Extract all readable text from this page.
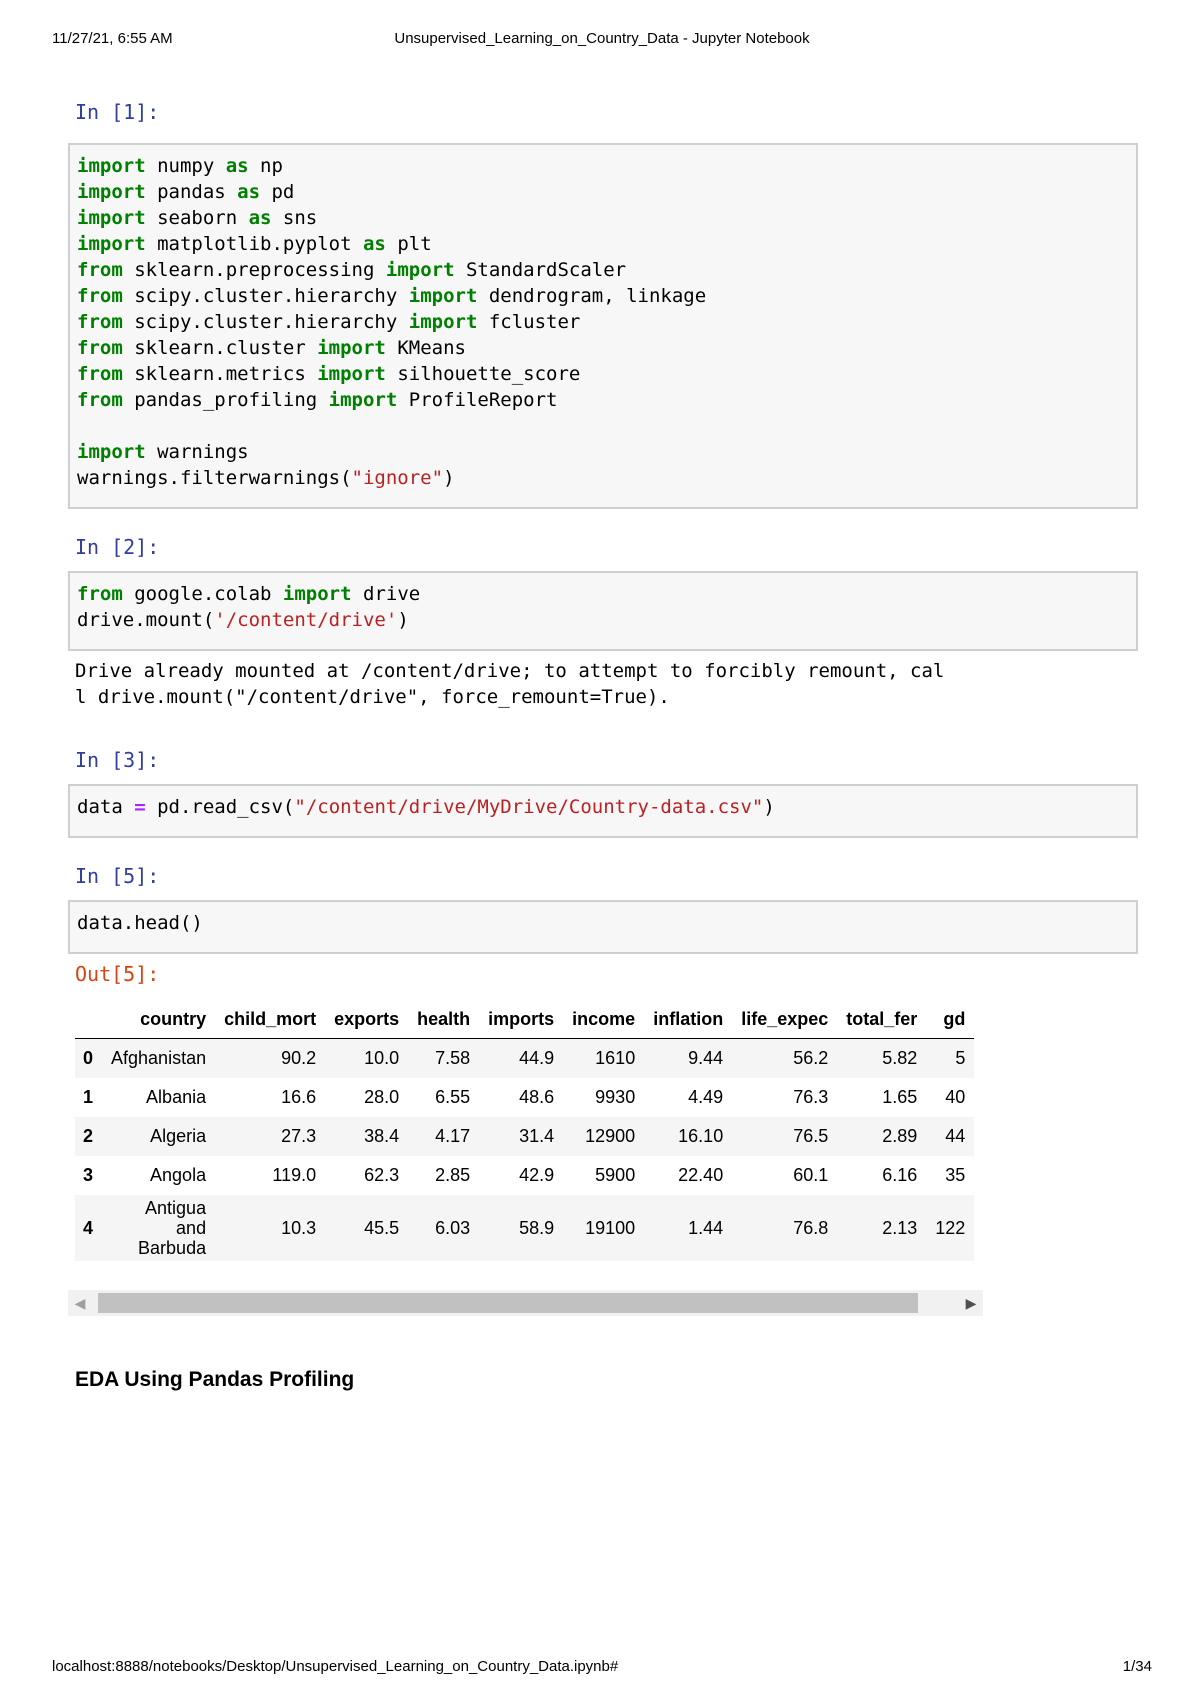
11/27/21, 6:55 AM	Unsupervised_Learning_on_Country_Data - Jupyter Notebook
In [1]:
import numpy as np
import pandas as pd
import seaborn as sns
import matplotlib.pyplot as plt
from sklearn.preprocessing import StandardScaler
from scipy.cluster.hierarchy import dendrogram, linkage
from scipy.cluster.hierarchy import fcluster
from sklearn.cluster import KMeans
from sklearn.metrics import silhouette_score
from pandas_profiling import ProfileReport

import warnings
warnings.filterwarnings("ignore")
In [2]:
from google.colab import drive
drive.mount('/content/drive')
Drive already mounted at /content/drive; to attempt to forcibly remount, cal
l drive.mount("/content/drive", force_remount=True).
In [3]:
data = pd.read_csv("/content/drive/MyDrive/Country-data.csv")
In [5]:
data.head()
Out[5]:
	country	child_mort	exports	health	imports	income	inflation	life_expec	total_fer	gd
0	Afghanistan	90.2	10.0	7.58	44.9	1610	9.44	56.2	5.82	5
1	Albania	16.6	28.0	6.55	48.6	9930	4.49	76.3	1.65	40
2	Algeria	27.3	38.4	4.17	31.4	12900	16.10	76.5	2.89	44
3	Angola	119.0	62.3	2.85	42.9	5900	22.40	60.1	6.16	35
4	Antigua and Barbuda	10.3	45.5	6.03	58.9	19100	1.44	76.8	2.13	122
◀	▶
EDA Using Pandas Profiling
localhost:8888/notebooks/Desktop/Unsupervised_Learning_on_Country_Data.ipynb#	1/34
